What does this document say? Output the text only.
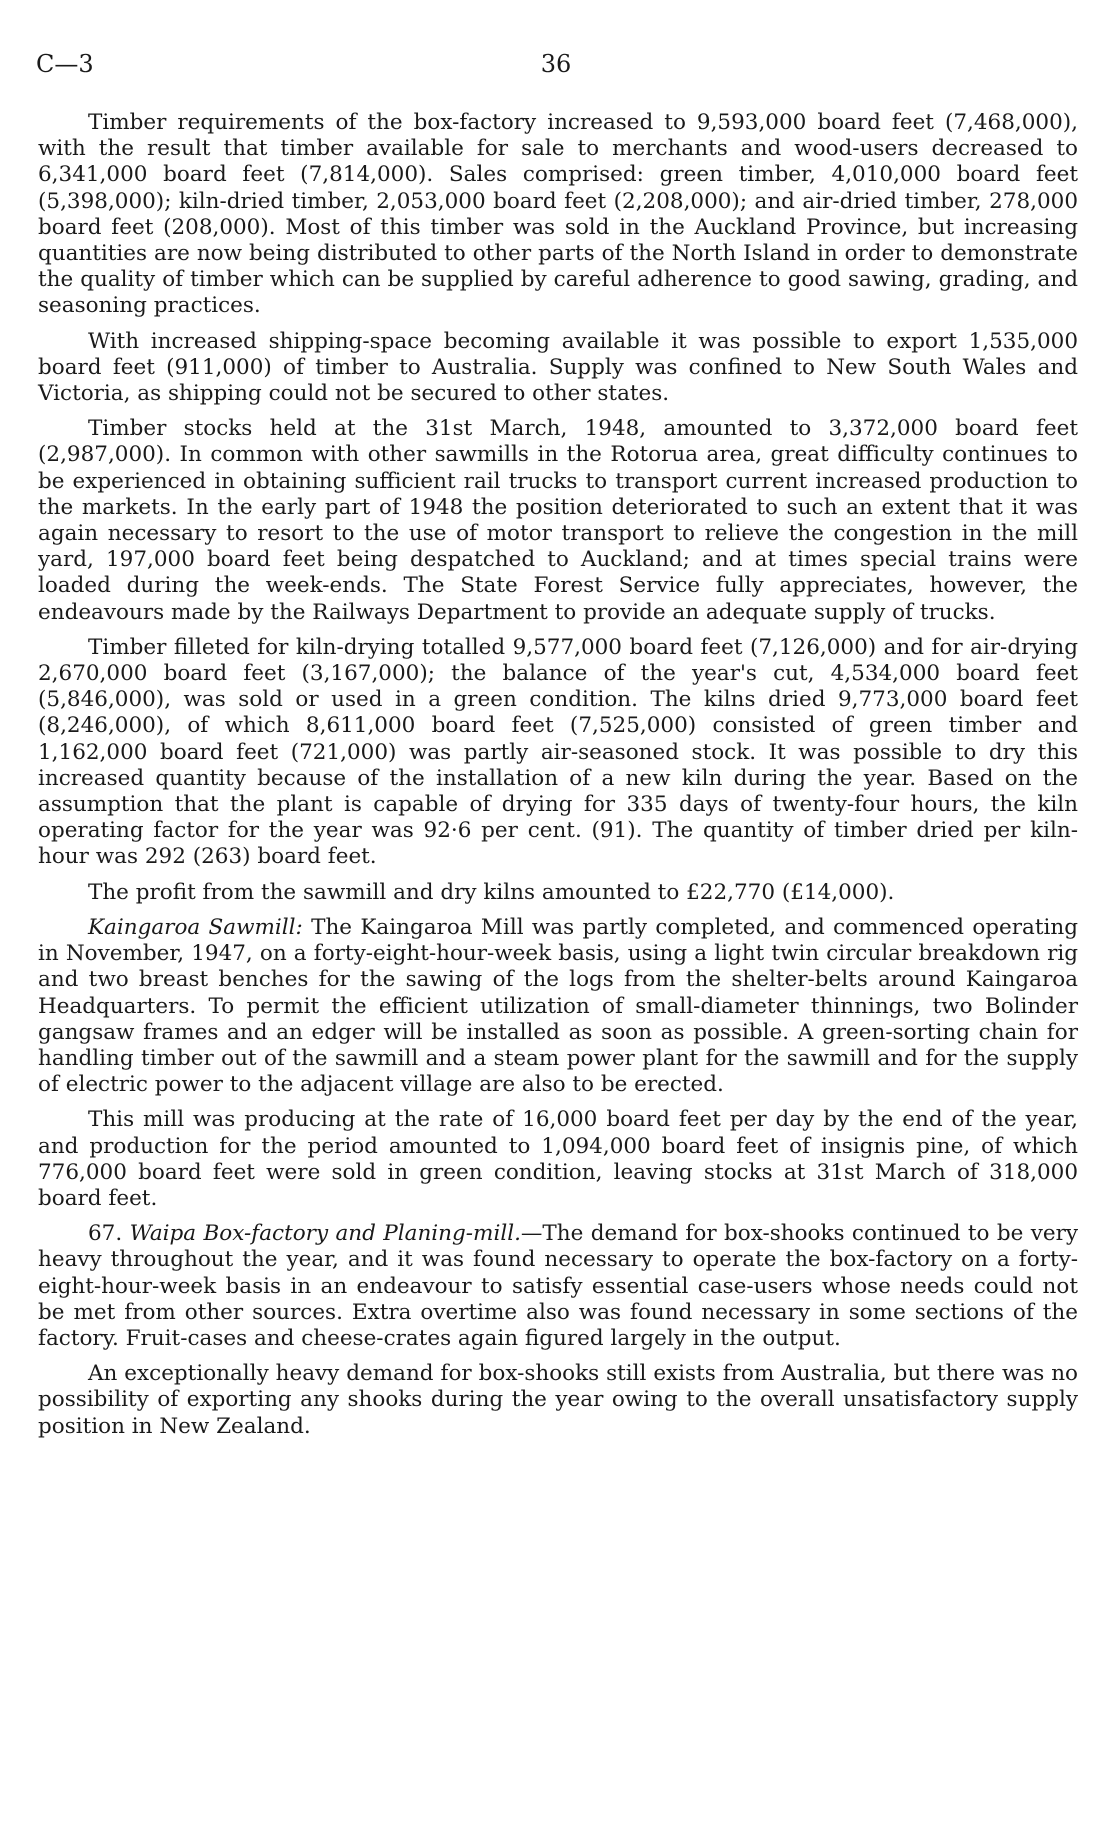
C—3	36

Timber requirements of the box-factory increased to 9,593,000 board feet (7,468,000), with the result that timber available for sale to merchants and wood-users decreased to 6,341,000 board feet (7,814,000). Sales comprised: green timber, 4,010,000 board feet (5,398,000); kiln-dried timber, 2,053,000 board feet (2,208,000); and air-dried timber, 278,000 board feet (208,000). Most of this timber was sold in the Auckland Province, but increasing quantities are now being distributed to other parts of the North Island in order to demonstrate the quality of timber which can be supplied by careful adherence to good sawing, grading, and seasoning practices.

With increased shipping-space becoming available it was possible to export 1,535,000 board feet (911,000) of timber to Australia. Supply was confined to New South Wales and Victoria, as shipping could not be secured to other states.

Timber stocks held at the 31st March, 1948, amounted to 3,372,000 board feet (2,987,000). In common with other sawmills in the Rotorua area, great difficulty continues to be experienced in obtaining sufficient rail trucks to transport current increased production to the markets. In the early part of 1948 the position deteriorated to such an extent that it was again necessary to resort to the use of motor transport to relieve the congestion in the mill yard, 197,000 board feet being despatched to Auckland; and at times special trains were loaded during the week-ends. The State Forest Service fully appreciates, however, the endeavours made by the Railways Department to provide an adequate supply of trucks.

Timber filleted for kiln-drying totalled 9,577,000 board feet (7,126,000) and for air-drying 2,670,000 board feet (3,167,000); the balance of the year's cut, 4,534,000 board feet (5,846,000), was sold or used in a green condition. The kilns dried 9,773,000 board feet (8,246,000), of which 8,611,000 board feet (7,525,000) consisted of green timber and 1,162,000 board feet (721,000) was partly air-seasoned stock. It was possible to dry this increased quantity because of the installation of a new kiln during the year. Based on the assumption that the plant is capable of drying for 335 days of twenty-four hours, the kiln operating factor for the year was 92·6 per cent. (91). The quantity of timber dried per kiln-hour was 292 (263) board feet.

The profit from the sawmill and dry kilns amounted to £22,770 (£14,000).

Kaingaroa Sawmill: The Kaingaroa Mill was partly completed, and commenced operating in November, 1947, on a forty-eight-hour-week basis, using a light twin circular breakdown rig and two breast benches for the sawing of the logs from the shelter-belts around Kaingaroa Headquarters. To permit the efficient utilization of small-diameter thinnings, two Bolinder gangsaw frames and an edger will be installed as soon as possible. A green-sorting chain for handling timber out of the sawmill and a steam power plant for the sawmill and for the supply of electric power to the adjacent village are also to be erected.

This mill was producing at the rate of 16,000 board feet per day by the end of the year, and production for the period amounted to 1,094,000 board feet of insignis pine, of which 776,000 board feet were sold in green condition, leaving stocks at 31st March of 318,000 board feet.

67. Waipa Box-factory and Planing-mill.—The demand for box-shooks continued to be very heavy throughout the year, and it was found necessary to operate the box-factory on a forty-eight-hour-week basis in an endeavour to satisfy essential case-users whose needs could not be met from other sources. Extra overtime also was found necessary in some sections of the factory. Fruit-cases and cheese-crates again figured largely in the output.

An exceptionally heavy demand for box-shooks still exists from Australia, but there was no possibility of exporting any shooks during the year owing to the overall unsatisfactory supply position in New Zealand.
